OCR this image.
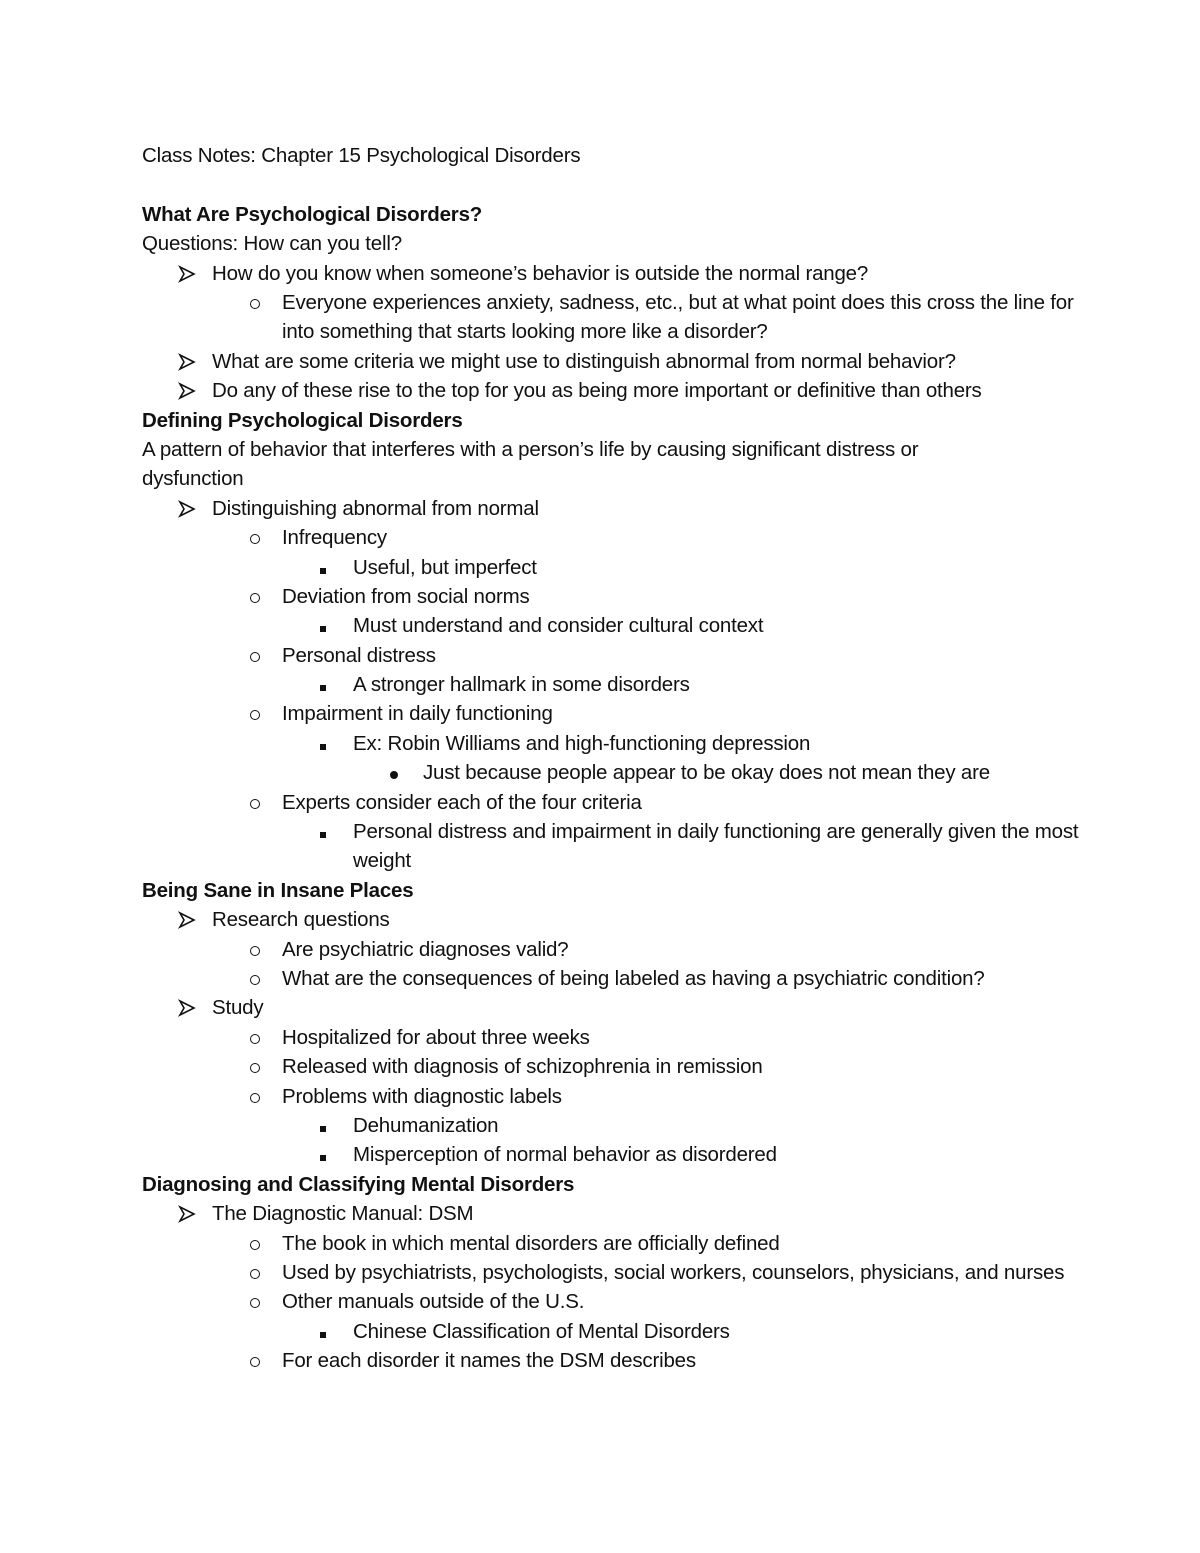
Class Notes: Chapter 15 Psychological Disorders
What Are Psychological Disorders?
Questions: How can you tell?
How do you know when someone’s behavior is outside the normal range?
Everyone experiences anxiety, sadness, etc., but at what point does this cross the line for into something that starts looking more like a disorder?
What are some criteria we might use to distinguish abnormal from normal behavior?
Do any of these rise to the top for you as being more important or definitive than others
Defining Psychological Disorders
A pattern of behavior that interferes with a person’s life by causing significant distress or dysfunction
Distinguishing abnormal from normal
Infrequency
Useful, but imperfect
Deviation from social norms
Must understand and consider cultural context
Personal distress
A stronger hallmark in some disorders
Impairment in daily functioning
Ex: Robin Williams and high-functioning depression
Just because people appear to be okay does not mean they are
Experts consider each of the four criteria
Personal distress and impairment in daily functioning are generally given the most weight
Being Sane in Insane Places
Research questions
Are psychiatric diagnoses valid?
What are the consequences of being labeled as having a psychiatric condition?
Study
Hospitalized for about three weeks
Released with diagnosis of schizophrenia in remission
Problems with diagnostic labels
Dehumanization
Misperception of normal behavior as disordered
Diagnosing and Classifying Mental Disorders
The Diagnostic Manual: DSM
The book in which mental disorders are officially defined
Used by psychiatrists, psychologists, social workers, counselors, physicians, and nurses
Other manuals outside of the U.S.
Chinese Classification of Mental Disorders
For each disorder it names the DSM describes
